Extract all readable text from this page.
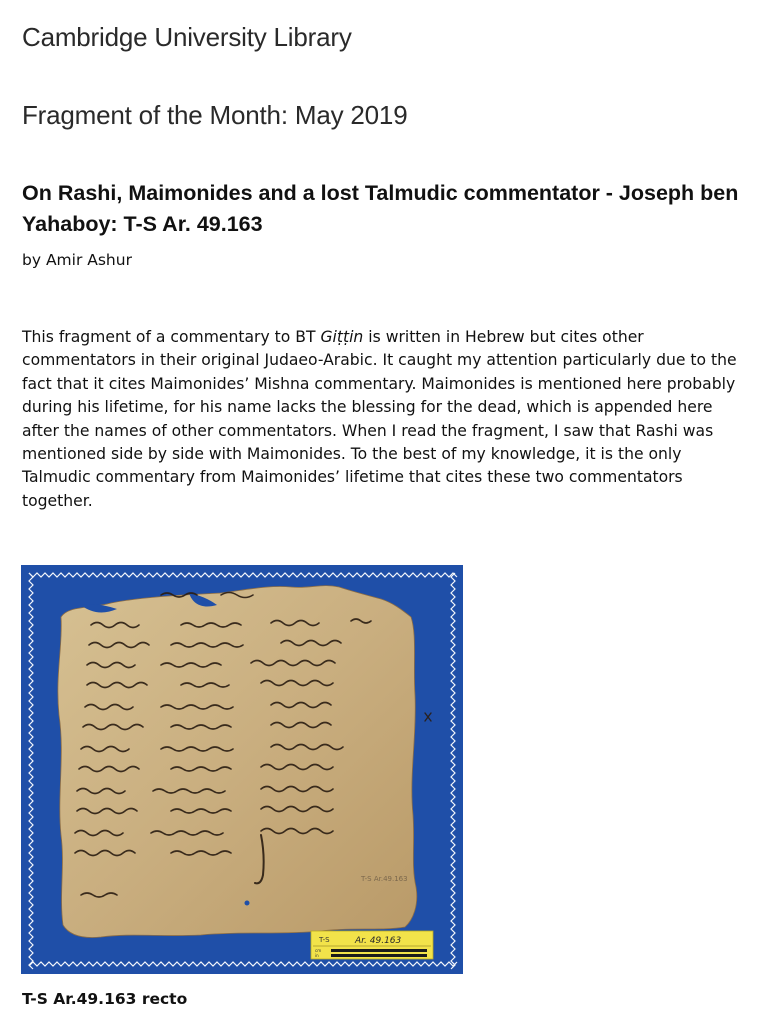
Cambridge University Library
Fragment of the Month: May 2019
On Rashi, Maimonides and a lost Talmudic commentator - Joseph ben Yahaboy: T-S Ar. 49.163

by Amir Ashur

This fragment of a commentary to BT Giṭṭin is written in Hebrew but cites other commentators in their original Judaeo-Arabic. It caught my attention particularly due to the fact that it cites Maimonides’ Mishna commentary. Maimonides is mentioned here probably during his lifetime, for his name lacks the blessing for the dead, which is appended here after the names of other commentators. When I read the fragment, I saw that Rashi was mentioned side by side with Maimonides. To the best of my knowledge, it is the only Talmudic commentary from Maimonides’ lifetime that cites these two commentators together.

T-S Ar.49.163
T-S	Ar. 49.163
cm
in

T-S Ar.49.163 recto
